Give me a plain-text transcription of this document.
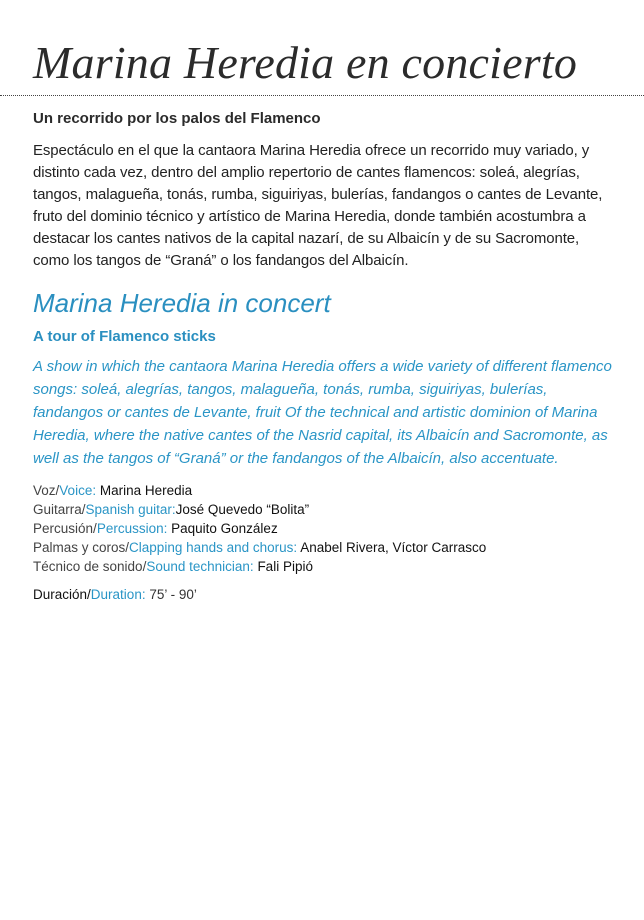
Marina Heredia en concierto
Un recorrido por los palos del Flamenco

Espectáculo en el que la cantaora Marina Heredia ofrece un recorrido muy variado, y distinto cada vez, dentro del amplio repertorio de cantes flamencos: soleá, alegrías, tangos, malagueña, tonás, rumba, siguiriyas, bulerías, fandangos o cantes de Levante, fruto del dominio técnico y artístico de Marina Heredia, donde también acostumbra a destacar los cantes nativos de la capital nazarí, de su Albaicín y de su Sacromonte, como los tangos de “Graná” o los fandangos del Albaicín.

Marina Heredia in concert
A tour of Flamenco sticks

A show in which the cantaora Marina Heredia offers a wide variety of different flamenco songs: soleá, alegrías, tangos, malagueña, tonás, rumba, siguiriyas, bulerías, fandangos or cantes de Levante, fruit Of the technical and artistic dominion of Marina Heredia, where the native cantes of the Nasrid capital, its Albaicín and Sacromonte, as well as the tangos of “Graná” or the fandangos of the Albaicín, also accentuate.

Voz/Voice: Marina Heredia
Guitarra/Spanish guitar:José Quevedo “Bolita”
Percusión/Percussion: Paquito González
Palmas y coros/Clapping hands and chorus: Anabel Rivera, Víctor Carrasco
Técnico de sonido/Sound technician: Fali Pipió
Duración/Duration: 75’ - 90’
